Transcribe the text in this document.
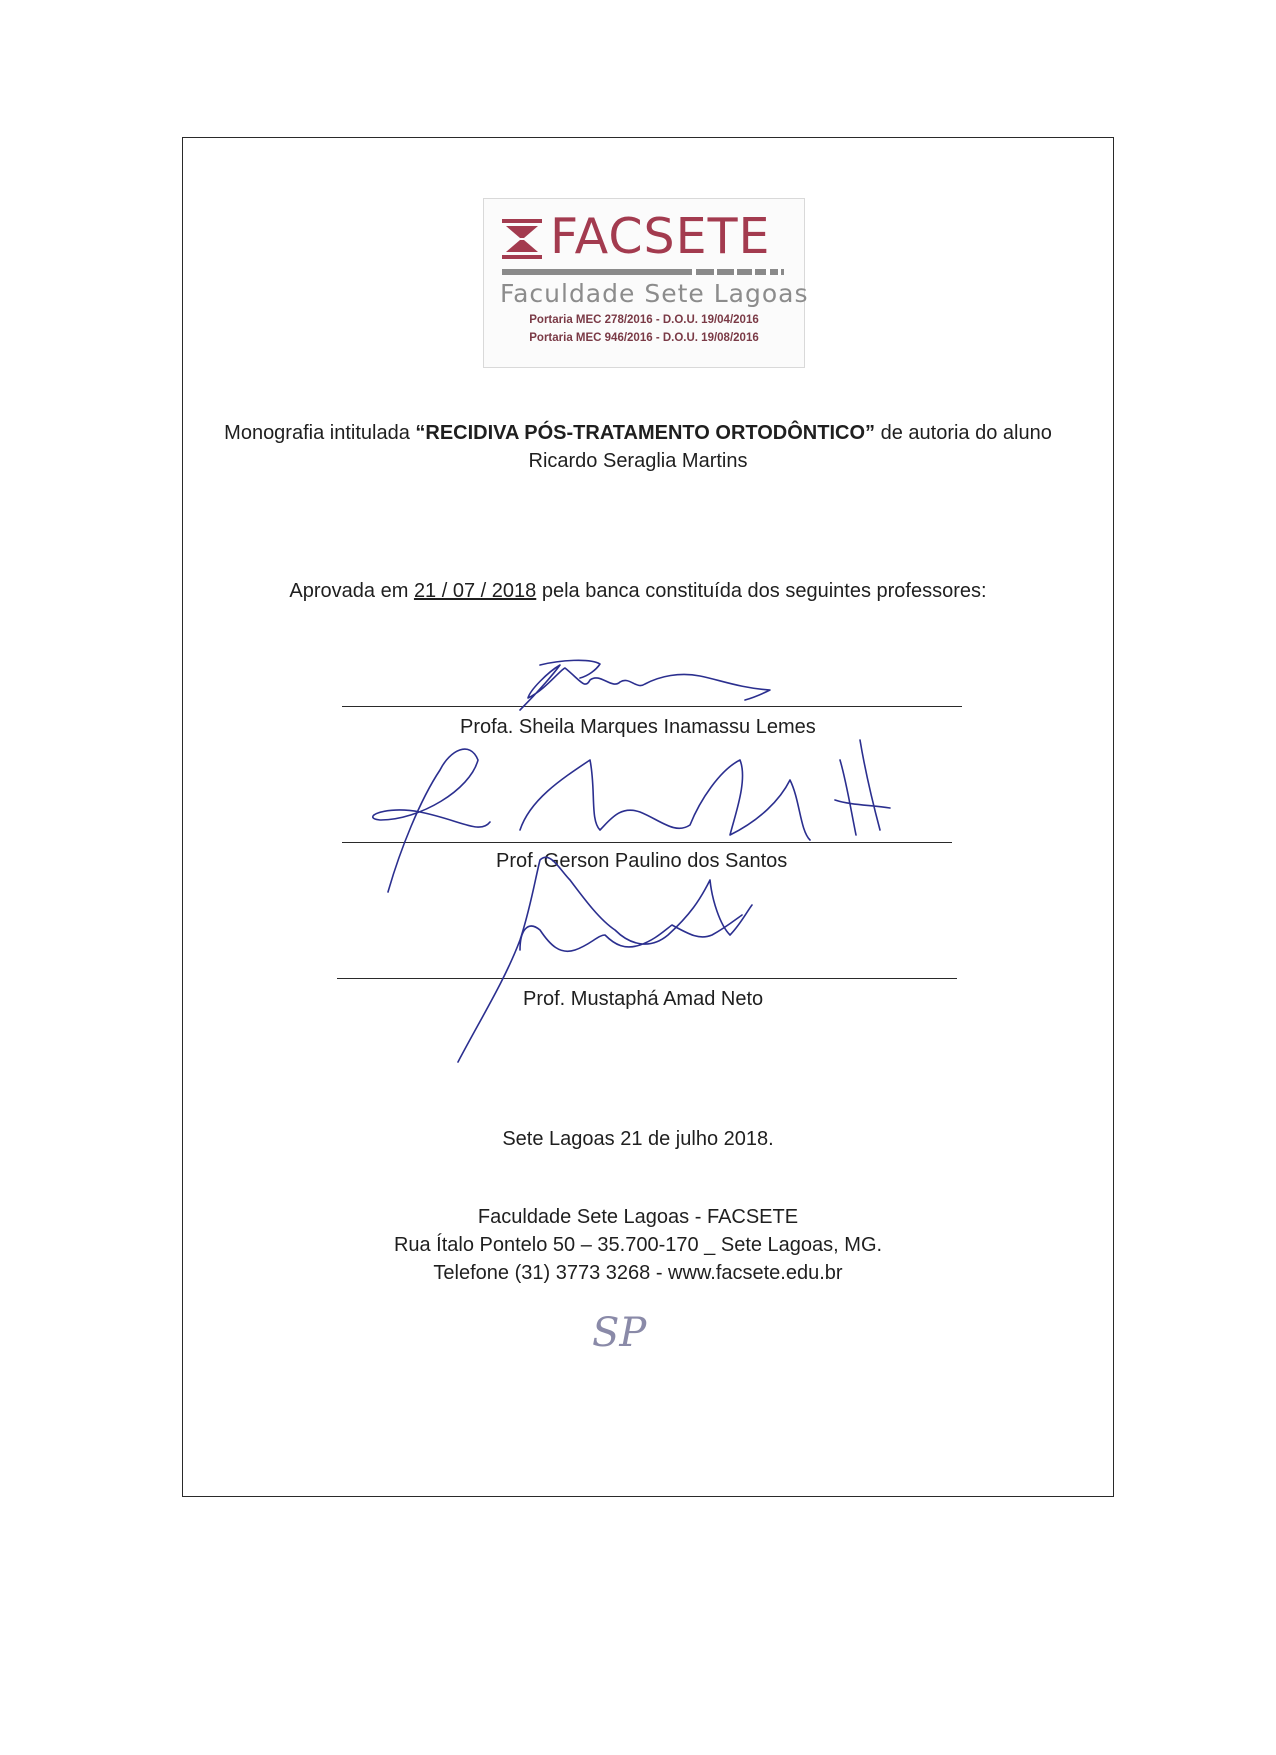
FACSETE
Faculdade Sete Lagoas
Portaria MEC 278/2016 - D.O.U. 19/04/2016
Portaria MEC 946/2016 - D.O.U. 19/08/2016
Monografia intitulada “RECIDIVA PÓS-TRATAMENTO ORTODÔNTICO” de autoria do aluno
Ricardo Seraglia Martins
Aprovada em 21 / 07 / 2018 pela banca constituída dos seguintes professores:
Profa. Sheila Marques Inamassu Lemes
Prof. Gerson Paulino dos Santos
Prof. Mustaphá Amad Neto
Sete Lagoas 21 de julho 2018.
Faculdade Sete Lagoas - FACSETE
Rua Ítalo Pontelo 50 – 35.700-170 _ Sete Lagoas, MG.
Telefone (31) 3773 3268 - www.facsete.edu.br
SP
